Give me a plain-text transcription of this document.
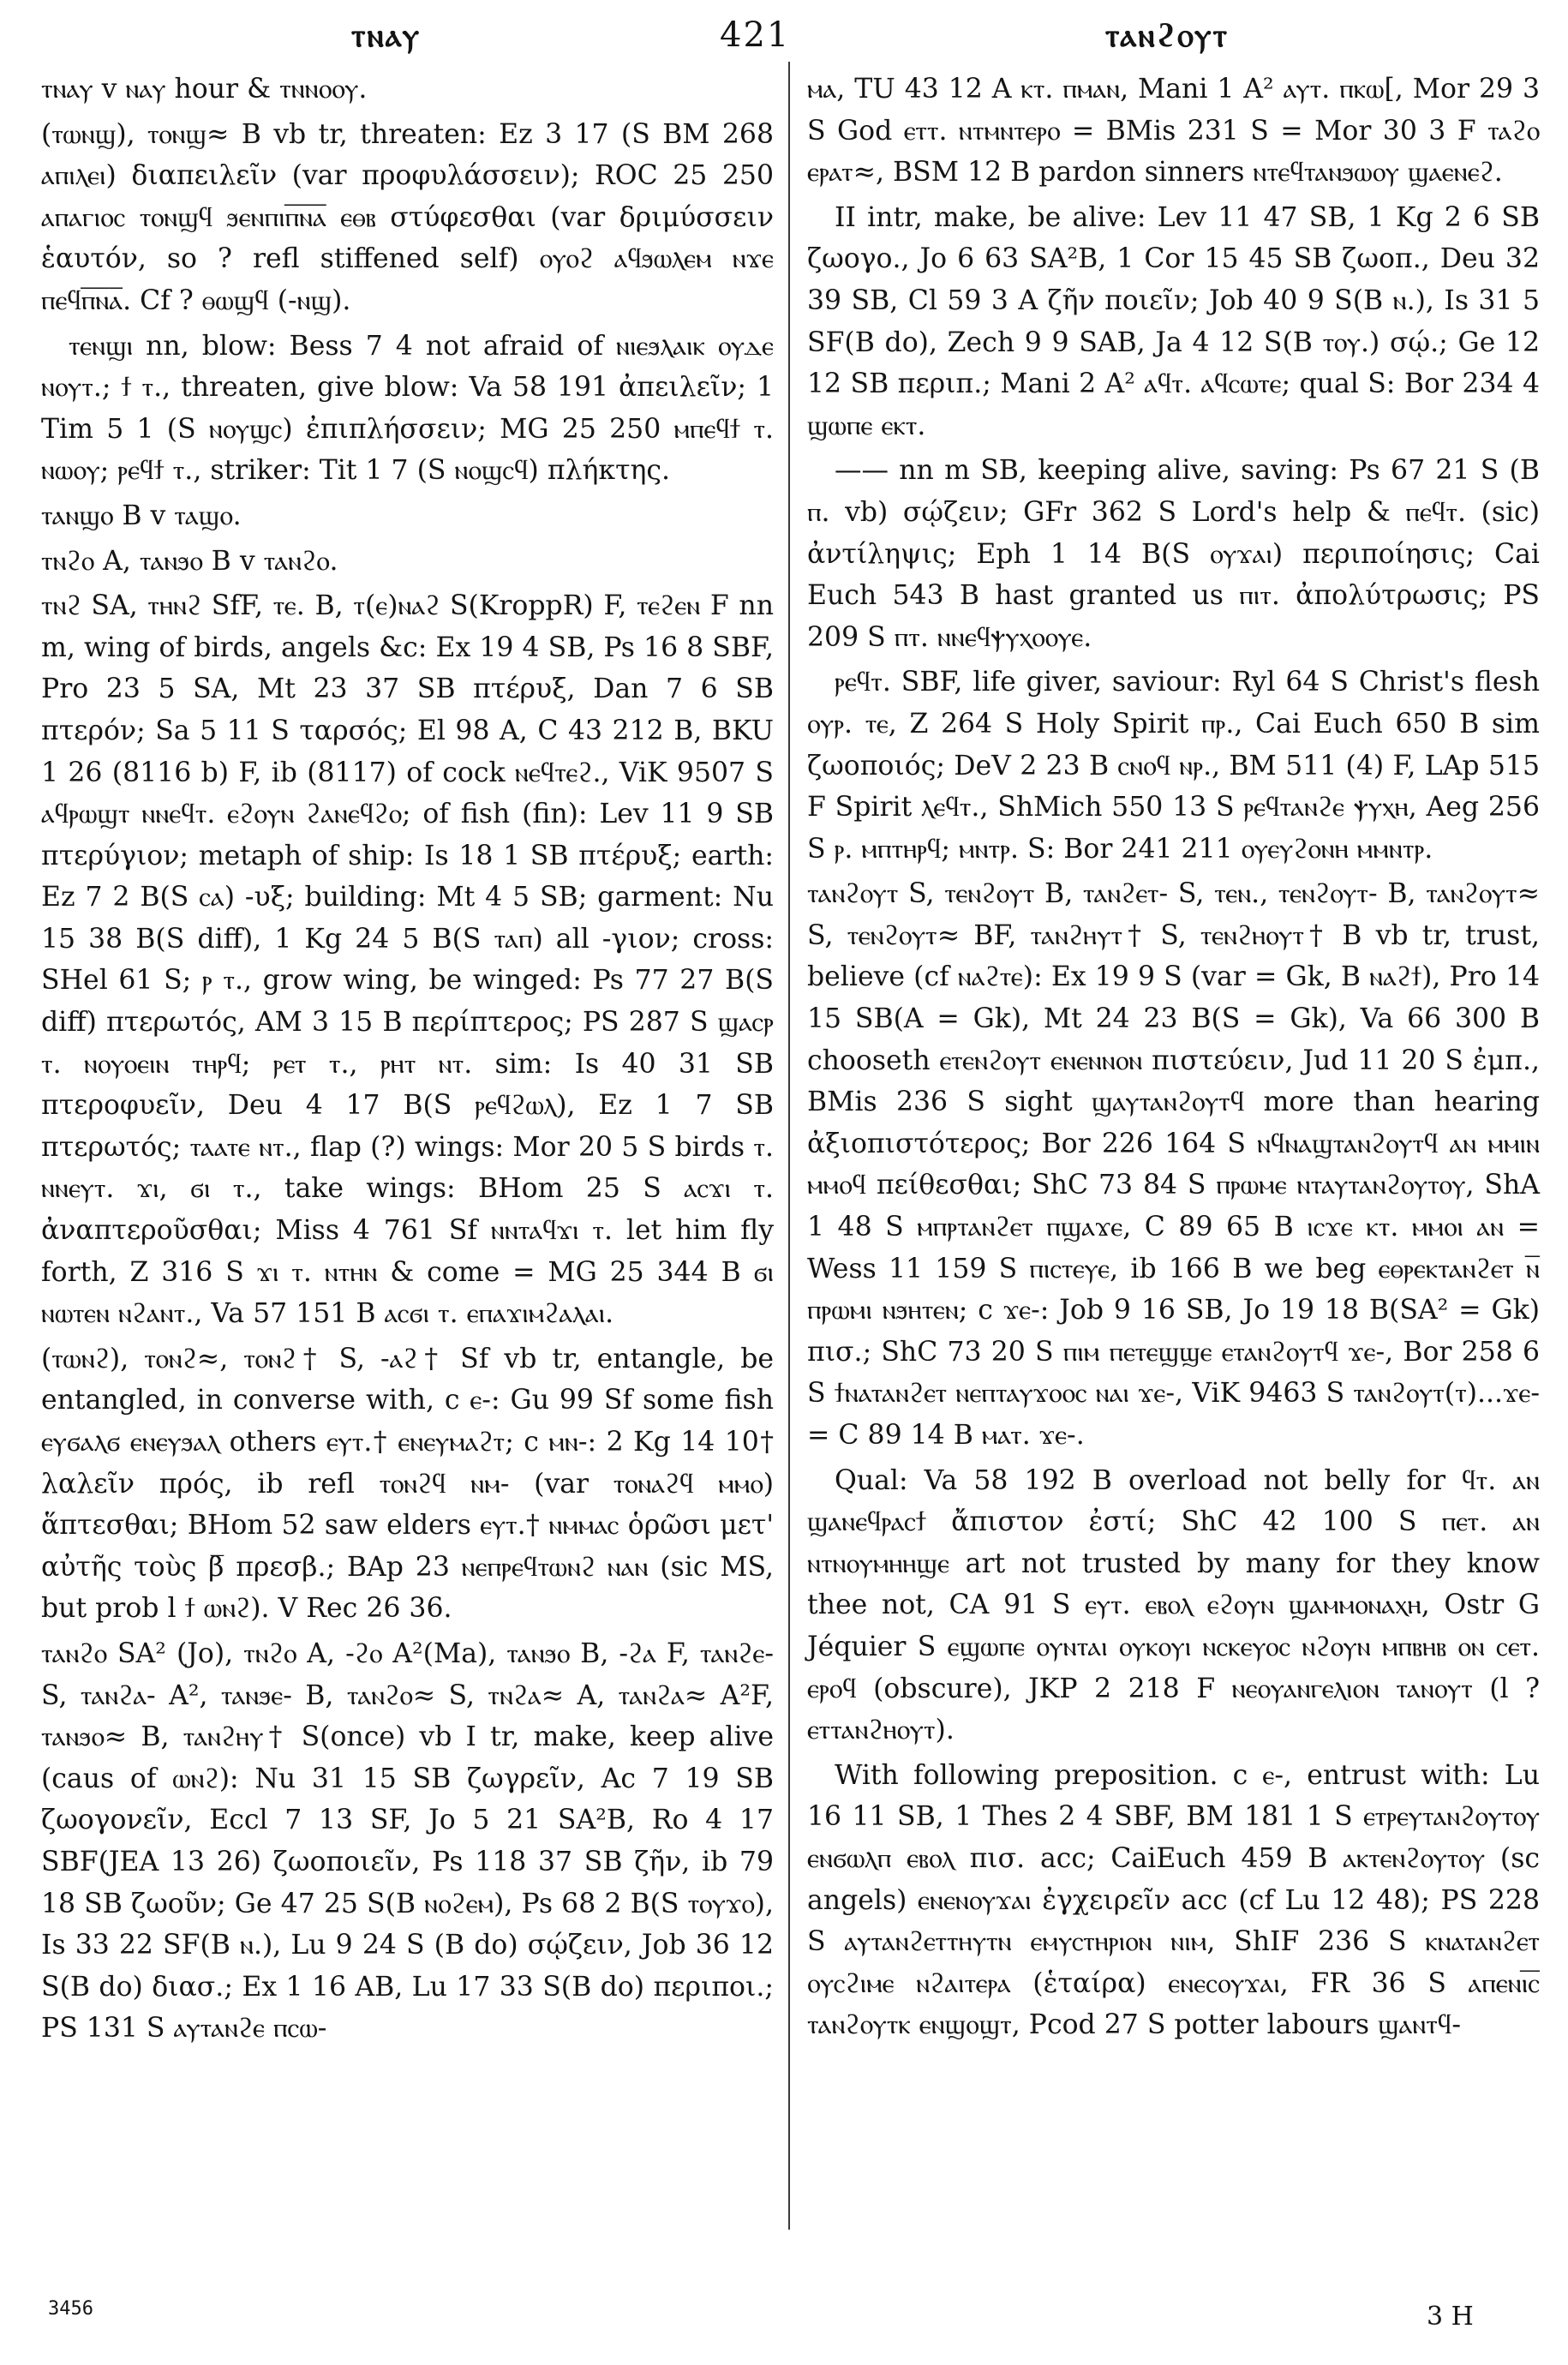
ⲧⲛⲁⲩ	421	ⲧⲁⲛϩⲟⲩⲧ

ⲧⲛⲁⲩ v ⲛⲁⲩ hour & ⲧⲛⲛⲟⲟⲩ.

(ⲧⲱⲛϣ), ⲧⲟⲛϣ≈ B vb tr, threaten: Ez 3 17 (S BM 268 ⲁⲡⲓⲗⲉⲓ) διαπειλεῖν (var προφυλάσσειν); ROC 25 250 ⲁⲡⲁⲅⲓⲟⲥ ⲧⲟⲛϣϥ ϧⲉⲛⲡⲓⲡ̅ⲛ̅ⲁ̅ ⲉⲑⲃ στύφεσθαι (var δριμύσσειν ἑαυτόν, so ? refl stiffened self) ⲟⲩⲟϩ ⲁϥϧⲱⲗⲉⲙ ⲛϫⲉ ⲡⲉϥⲡ̅ⲛ̅ⲁ̅. Cf ? ⲑⲱϣϥ (-ⲛϣ).

ⲧⲉⲛϣⲓ nn, blow: Bess 7 4 not afraid of ⲛⲓⲉϧⲗⲁⲓⲕ ⲟⲩⲇⲉ ⲛⲟⲩⲧ.; ϯ ⲧ., threaten, give blow: Va 58 191 ἀπειλεῖν; 1 Tim 5 1 (S ⲛⲟⲩϣⲥ) ἐπιπλήσσειν; MG 25 250 ⲙⲡⲉϥϯ ⲧ. ⲛⲱⲟⲩ; ⲣⲉϥϯ ⲧ., striker: Tit 1 7 (S ⲛⲟϣⲥϥ) πλήκτης.

ⲧⲁⲛϣⲟ B v ⲧⲁϣⲟ.

ⲧⲛϩⲟ A, ⲧⲁⲛϧⲟ B v ⲧⲁⲛϩⲟ.

ⲧⲛϩ SA, ⲧⲏⲛϩ SfF, ⲧⲉ. B, ⲧ(ⲉ)ⲛⲁϩ S(KroppR) F, ⲧⲉϩⲉⲛ F nn m, wing of birds, angels &c: Ex 19 4 SB, Ps 16 8 SBF, Pro 23 5 SA, Mt 23 37 SB πτέρυξ, Dan 7 6 SB πτερόν; Sa 5 11 S ταρσός; El 98 A, C 43 212 B, BKU 1 26 (8116 b) F, ib (8117) of cock ⲛⲉϥⲧⲉϩ., ViK 9507 S ⲁϥⲣⲱϣⲧ ⲛⲛⲉϥⲧ. ⲉϩⲟⲩⲛ ϩⲁⲛⲉϥϩⲟ; of fish (fin): Lev 11 9 SB πτερύγιον; metaph of ship: Is 18 1 SB πτέρυξ; earth: Ez 7 2 B(S ⲥⲁ) -υξ; building: Mt 4 5 SB; garment: Nu 15 38 B(S diff), 1 Kg 24 5 B(S ⲧⲁⲡ) all -γιον; cross: SHel 61 S; ⲣ ⲧ., grow wing, be winged: Ps 77 27 B(S diff) πτερωτός, AM 3 15 B περίπτερος; PS 287 S ϣⲁⲥⲣ ⲧ. ⲛⲟⲩⲟⲉⲓⲛ ⲧⲏⲣϥ; ⲣⲉⲧ ⲧ., ⲣⲏⲧ ⲛⲧ. sim: Is 40 31 SB πτεροφυεῖν, Deu 4 17 B(S ⲣⲉϥϩⲱⲗ), Ez 1 7 SB πτερωτός; ⲧⲁⲁⲧⲉ ⲛⲧ., flap (?) wings: Mor 20 5 S birds ⲧ. ⲛⲛⲉⲩⲧ. ϫⲓ, ϭⲓ ⲧ., take wings: BHom 25 S ⲁⲥϫⲓ ⲧ. ἀναπτεροῦσθαι; Miss 4 761 Sf ⲛⲛⲧⲁϥϫⲓ ⲧ. let him fly forth, Z 316 S ϫⲓ ⲧ. ⲛⲧⲏⲛ & come = MG 25 344 B ϭⲓ ⲛⲱⲧⲉⲛ ⲛϩⲁⲛⲧ., Va 57 151 B ⲁⲥϭⲓ ⲧ. ⲉⲡⲁϫⲓⲙϩⲁⲗⲁⲓ.

(ⲧⲱⲛϩ), ⲧⲟⲛϩ≈, ⲧⲟⲛϩ† S, -ⲁϩ† Sf vb tr, entangle, be entangled, in converse with, c ⲉ-: Gu 99 Sf some fish ⲉⲩϭⲁⲗϭ ⲉⲛⲉⲩϧⲁⲗ others ⲉⲩⲧ.† ⲉⲛⲉⲩⲙⲁϩⲧ; c ⲙⲛ-: 2 Kg 14 10† λαλεῖν πρός, ib refl ⲧⲟⲛϩϥ ⲛⲙ- (var ⲧⲟⲛⲁϩϥ ⲙⲙⲟ) ἅπτεσθαι; BHom 52 saw elders ⲉⲩⲧ.† ⲛⲙⲙⲁⲥ ὁρῶσι μετ' αὐτῆς τοὺς β̅ πρεσβ.; BAp 23 ⲛⲉⲡⲣⲉϥⲧⲱⲛϩ ⲛⲁⲛ (sic MS, but prob l ϯ ⲱⲛϩ). V Rec 26 36.

ⲧⲁⲛϩⲟ SA² (Jo), ⲧⲛϩⲟ A, -ϩⲟ A²(Ma), ⲧⲁⲛϧⲟ B, -ϩⲁ F, ⲧⲁⲛϩⲉ- S, ⲧⲁⲛϩⲁ- A², ⲧⲁⲛϧⲉ- B, ⲧⲁⲛϩⲟ≈ S, ⲧⲛϩⲁ≈ A, ⲧⲁⲛϩⲁ≈ A²F, ⲧⲁⲛϧⲟ≈ B, ⲧⲁⲛϩⲏⲩ† S(once) vb I tr, make, keep alive (caus of ⲱⲛϩ): Nu 31 15 SB ζωγρεῖν, Ac 7 19 SB ζωογονεῖν, Eccl 7 13 SF, Jo 5 21 SA²B, Ro 4 17 SBF(JEA 13 26) ζωοποιεῖν, Ps 118 37 SB ζῆν, ib 79 18 SB ζωοῦν; Ge 47 25 S(B ⲛⲟϩⲉⲙ), Ps 68 2 B(S ⲧⲟⲩϫⲟ), Is 33 22 SF(B ⲛ.), Lu 9 24 S (B do) σῴζειν, Job 36 12 S(B do) διασ.; Ex 1 16 AB, Lu 17 33 S(B do) περιποι.; PS 131 S ⲁⲩⲧⲁⲛϩⲉ ⲡⲥⲱ-

ⲙⲁ, TU 43 12 A ⲕⲧ. ⲡⲙⲁⲛ, Mani 1 A² ⲁⲩⲧ. ⲡⲕⲱ[, Mor 29 3 S God ⲉⲧⲧ. ⲛⲧⲙⲛⲧⲉⲣⲟ = BMis 231 S = Mor 30 3 F ⲧⲁϩⲟ ⲉⲣⲁⲧ≈, BSM 12 B pardon sinners ⲛⲧⲉϥⲧⲁⲛϧⲱⲟⲩ ϣⲁⲉⲛⲉϩ.

II intr, make, be alive: Lev 11 47 SB, 1 Kg 2 6 SB ζωογο., Jo 6 63 SA²B, 1 Cor 15 45 SB ζωοπ., Deu 32 39 SB, Cl 59 3 A ζῆν ποιεῖν; Job 40 9 S(B ⲛ.), Is 31 5 SF(B do), Zech 9 9 SAB, Ja 4 12 S(B ⲧⲟⲩ.) σῴ.; Ge 12 12 SB περιπ.; Mani 2 A² ⲁϥⲧ. ⲁϥⲥⲱⲧⲉ; qual S: Bor 234 4 ϣⲱⲡⲉ ⲉⲕⲧ.

—— nn m SB, keeping alive, saving: Ps 67 21 S (B ⲡ. vb) σῴζειν; GFr 362 S Lord's help & ⲡⲉϥⲧ. (sic) ἀντίληψις; Eph 1 14 B(S ⲟⲩϫⲁⲓ) περιποίησις; Cai Euch 543 B hast granted us ⲡⲓⲧ. ἀπολύτρωσις; PS 209 S ⲡⲧ. ⲛⲛⲉϥⲯⲩⲭⲟⲟⲩⲉ.

ⲣⲉϥⲧ. SBF, life giver, saviour: Ryl 64 S Christ's flesh ⲟⲩⲣ. ⲧⲉ, Z 264 S Holy Spirit ⲡⲣ., Cai Euch 650 B sim ζωοποιός; DeV 2 23 B ⲥⲛⲟϥ ⲛⲣ., BM 511 (4) F, LAp 515 F Spirit ⲗⲉϥⲧ., ShMich 550 13 S ⲣⲉϥⲧⲁⲛϩⲉ ⲯⲩⲭⲏ, Aeg 256 S ⲣ. ⲙⲡⲧⲏⲣϥ; ⲙⲛⲧⲣ. S: Bor 241 211 ⲟⲩⲉⲩϩⲟⲛⲏ ⲙⲙⲛⲧⲣ.

ⲧⲁⲛϩⲟⲩⲧ S, ⲧⲉⲛϩⲟⲩⲧ B, ⲧⲁⲛϩⲉⲧ- S, ⲧⲉⲛ., ⲧⲉⲛϩⲟⲩⲧ- B, ⲧⲁⲛϩⲟⲩⲧ≈ S, ⲧⲉⲛϩⲟⲩⲧ≈ BF, ⲧⲁⲛϩⲏⲩⲧ† S, ⲧⲉⲛϩⲏⲟⲩⲧ† B vb tr, trust, believe (cf ⲛⲁϩⲧⲉ): Ex 19 9 S (var = Gk, B ⲛⲁϩϯ), Pro 14 15 SB(A = Gk), Mt 24 23 B(S = Gk), Va 66 300 B chooseth ⲉⲧⲉⲛϩⲟⲩⲧ ⲉⲛⲉⲛⲛⲟⲛ πιστεύειν, Jud 11 20 S ἐμπ., BMis 236 S sight ϣⲁⲩⲧⲁⲛϩⲟⲩⲧϥ more than hearing ἀξιοπιστότερος; Bor 226 164 S ⲛϥⲛⲁϣⲧⲁⲛϩⲟⲩⲧϥ ⲁⲛ ⲙⲙⲓⲛ ⲙⲙⲟϥ πείθεσθαι; ShC 73 84 S ⲡⲣⲱⲙⲉ ⲛⲧⲁⲩⲧⲁⲛϩⲟⲩⲧⲟⲩ, ShA 1 48 S ⲙⲡⲣⲧⲁⲛϩⲉⲧ ⲡϣⲁϫⲉ, C 89 65 B ⲓⲥϫⲉ ⲕⲧ. ⲙⲙⲟⲓ ⲁⲛ = Wess 11 159 S ⲡⲓⲥⲧⲉⲩⲉ, ib 166 B we beg ⲉⲑⲣⲉⲕⲧⲁⲛϩⲉⲧ ⲛ̅ ⲡⲣⲱⲙⲓ ⲛϧⲏⲧⲉⲛ; c ϫⲉ-: Job 9 16 SB, Jo 19 18 B(SA² = Gk) πισ.; ShC 73 20 S ⲡⲓⲙ ⲡⲉⲧⲉϣϣⲉ ⲉⲧⲁⲛϩⲟⲩⲧϥ ϫⲉ-, Bor 258 6 S ϯⲛⲁⲧⲁⲛϩⲉⲧ ⲛⲉⲡⲧⲁⲩϫⲟⲟⲥ ⲛⲁⲓ ϫⲉ-, ViK 9463 S ⲧⲁⲛϩⲟⲩⲧ(ⲧ)...ϫⲉ- = C 89 14 B ⲙⲁⲧ. ϫⲉ-.

Qual: Va 58 192 B overload not belly for ϥⲧ. ⲁⲛ ϣⲁⲛⲉϥⲣⲁⲥϯ ἄπιστον ἐστί; ShC 42 100 S ⲡⲉⲧ. ⲁⲛ ⲛⲧⲛⲟⲩⲙⲏⲏϣⲉ art not trusted by many for they know thee not, CA 91 S ⲉⲩⲧ. ⲉⲃⲟⲗ ⲉϩⲟⲩⲛ ϣⲁⲙⲙⲟⲛⲁⲭⲏ, Ostr G Jéquier S ⲉϣⲱⲡⲉ ⲟⲩⲛⲧⲁⲓ ⲟⲩⲕⲟⲩⲓ ⲛⲥⲕⲉⲩⲟⲥ ⲛϩⲟⲩⲛ ⲙⲡⲃⲏⲃ ⲟⲛ ⲥⲉⲧ. ⲉⲣⲟϥ (obscure), JKP 2 218 F ⲛⲉⲟⲩⲁⲛⲅⲉⲗⲓⲟⲛ ⲧⲁⲛⲟⲩⲧ (l ? ⲉⲧⲧⲁⲛϩⲏⲟⲩⲧ).

With following preposition. c ⲉ-, entrust with: Lu 16 11 SB, 1 Thes 2 4 SBF, BM 181 1 S ⲉⲧⲣⲉⲩⲧⲁⲛϩⲟⲩⲧⲟⲩ ⲉⲛϭⲱⲗⲡ ⲉⲃⲟⲗ πισ. acc; CaiEuch 459 B ⲁⲕⲧⲉⲛϩⲟⲩⲧⲟⲩ (sc angels) ⲉⲛⲉⲛⲟⲩϫⲁⲓ ἐγχειρεῖν acc (cf Lu 12 48); PS 228 S ⲁⲩⲧⲁⲛϩⲉⲧⲧⲏⲩⲧⲛ ⲉⲙⲩⲥⲧⲏⲣⲓⲟⲛ ⲛⲓⲙ, ShIF 236 S ⲕⲛⲁⲧⲁⲛϩⲉⲧ ⲟⲩⲥϩⲓⲙⲉ ⲛϩⲁⲓⲧⲉⲣⲁ (ἑταίρα) ⲉⲛⲉⲥⲟⲩϫⲁⲓ, FR 36 S ⲁⲡⲉⲛⲓ̅ⲥ̅ ⲧⲁⲛϩⲟⲩⲧⲕ ⲉⲛϣⲟϣⲧ, Pcod 27 S potter labours ϣⲁⲛⲧϥ-

3456	3 H
